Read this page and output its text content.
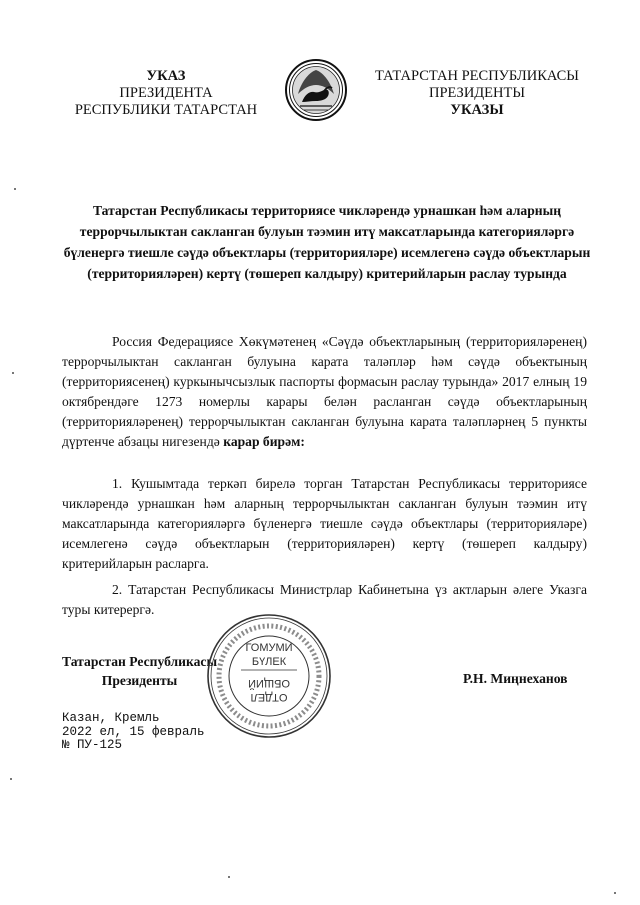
УКАЗ
ПРЕЗИДЕНТА
РЕСПУБЛИКИ ТАТАРСТАН
ТАТАРСТАН РЕСПУБЛИКАСЫ
ПРЕЗИДЕНТЫ
УКАЗЫ
Татарстан Республикасы территориясе чикләрендә урнашкан һәм аларның террорчылыктан сакланган булуын тәэмин итү максатларында категорияләргә бүленергә тиешле сәүдә объектлары (территорияләре) исемлегенә сәүдә объектларын (территорияләрен) кертү (төшереп калдыру) критерийларын раслау турында

Россия Федерациясе Хөкүмәтенең «Сәүдә объектларының (территорияләренең) террорчылыктан сакланган булуына карата таләпләр һәм сәүдә объектының (территориясенең) куркынычсызлык паспорты формасын раслау турында» 2017 елның 19 октябрендәге 1273 номерлы карары белән расланган сәүдә объектларының (территорияләренең) террорчылыктан сакланган булуына карата таләпләрнең 5 пункты дүртенче абзацы нигезендә карар бирәм:

1. Кушымтада теркәп бирелә торган Татарстан Республикасы территориясе чикләрендә урнашкан һәм аларның террорчылыктан сакланган булуын тәэмин итү максатларында категорияләргә бүленергә тиешле сәүдә объектлары (территорияләре) исемлегенә сәүдә объектларын (территорияләрен) кертү (төшереп калдыру) критерийларын расларга.

2. Татарстан Республикасы Министрлар Кабинетына үз актларын әлеге Указга туры китерергә.

Татарстан Республикасы
Президенты	Р.Н. Миңнеханов
ГОМУМИ
БҮЛЕК
ОТДЕЛ
ОБЩИЙ
Казан, Кремль
2022 ел, 15 февраль
№ ПУ-125
